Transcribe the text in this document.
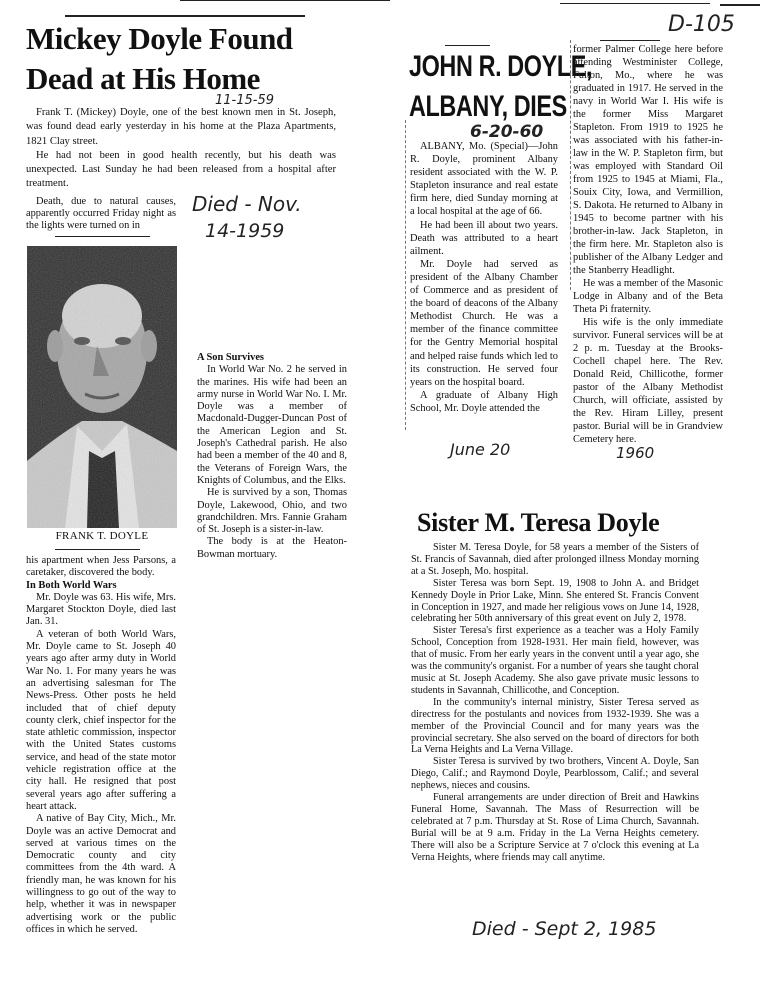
D-105
Mickey Doyle Found
Dead at His Home
11-15-59

Frank T. (Mickey) Doyle, one of the best known men in St. Joseph, was found dead early yesterday in his home at the Plaza Apartments, 1821 Clay street.

He had not been in good health recently, but his death was unexpected. Last Sunday he had been released from a hospital after treatment.

Death, due to natural causes, apparently occurred Friday night as the lights were turned on in

Died - Nov.
14-1959
FRANK T. DOYLE

his apartment when Jess Parsons, a caretaker, discovered the body.

In Both World Wars

Mr. Doyle was 63. His wife, Mrs. Margaret Stockton Doyle, died last Jan. 31.

A veteran of both World Wars, Mr. Doyle came to St. Joseph 40 years ago after army duty in World War No. 1. For many years he was an advertising salesman for The News-Press. Other posts he held included that of chief deputy county clerk, chief inspector for the state athletic commission, inspector with the United States customs service, and head of the state motor vehicle registration office at the city hall. He resigned that post several years ago after suffering a heart attack.

A native of Bay City, Mich., Mr. Doyle was an active Democrat and served at various times on the Democratic county and city committees from the 4th ward. A friendly man, he was known for his willingness to go out of the way to help, whether it was in newspaper advertising work or the public offices in which he served.

A Son Survives

In World War No. 2 he served in the marines. His wife had been an army nurse in World War No. I. Mr. Doyle was a member of Macdonald-Dugger-Duncan Post of the American Legion and St. Joseph's Cathedral parish. He also had been a member of the 40 and 8, the Veterans of Foreign Wars, the Knights of Columbus, and the Elks.

He is survived by a son, Thomas Doyle, Lakewood, Ohio, and two grandchildren. Mrs. Fannie Graham of St. Joseph is a sister-in-law.

The body is at the Heaton-Bowman mortuary.

JOHN R. DOYLE,
ALBANY, DIES
6-20-60

ALBANY, Mo. (Special)—John R. Doyle, prominent Albany resident associated with the W. P. Stapleton insurance and real estate firm here, died Sunday morning at a local hospital at the age of 66.

He had been ill about two years. Death was attributed to a heart ailment.

Mr. Doyle had served as president of the Albany Chamber of Commerce and as president of the board of deacons of the Albany Methodist Church. He was a member of the finance committee for the Gentry Memorial hospital and helped raise funds which led to its construction. He served four years on the hospital board.

A graduate of Albany High School, Mr. Doyle attended the

June 20

former Palmer College here before attending Westminister College, Fulton, Mo., where he was graduated in 1917. He served in the navy in World War I. His wife is the former Miss Margaret Stapleton. From 1919 to 1925 he was associated with his father-in-law in the W. P. Stapleton firm, but was employed with Standard Oil from 1925 to 1945 at Miami, Fla., Souix City, Iowa, and Vermillion, S. Dakota. He returned to Albany in 1945 to become partner with his brother-in-law. Jack Stapleton, in the firm here. Mr. Stapleton also is publisher of the Albany Ledger and the Stanberry Headlight.

He was a member of the Masonic Lodge in Albany and of the Beta Theta Pi fraternity.

His wife is the only immediate survivor. Funeral services will be at 2 p. m. Tuesday at the Brooks-Cochell chapel here. The Rev. Donald Reid, Chillicothe, former pastor of the Albany Methodist Church, will officiate, assisted by the Rev. Hiram Lilley, present pastor. Burial will be in Grandview Cemetery here.

1960
Sister M. Teresa Doyle

Sister M. Teresa Doyle, for 58 years a member of the Sisters of St. Francis of Savannah, died after prolonged illness Monday morning at a St. Joseph, Mo. hospital.

Sister Teresa was born Sept. 19, 1908 to John A. and Bridget Kennedy Doyle in Prior Lake, Minn. She entered St. Francis Convent in Conception in 1927, and made her religious vows on June 14, 1928, celebrating her 50th anniversary of this great event on July 2, 1978.

Sister Teresa's first experience as a teacher was a Holy Family School, Conception from 1928-1931. Her main field, however, was that of music. From her early years in the convent until a year ago, she was the community's organist. For a number of years she taught choral music at St. Joseph Academy. She also gave private music lessons to students in Savannah, Chillicothe, and Conception.

In the community's internal ministry, Sister Teresa served as directress for the postulants and novices from 1932-1939. She was a member of the Provincial Council and for many years was the provincial secretary. She also served on the board of directors for both La Verna Heights and La Verna Village.

Sister Teresa is survived by two brothers, Vincent A. Doyle, San Diego, Calif.; and Raymond Doyle, Pearblossom, Calif.; and several nephews, nieces and cousins.

Funeral arrangements are under direction of Breit and Hawkins Funeral Home, Savannah. The Mass of Resurrection will be celebrated at 7 p.m. Thursday at St. Rose of Lima Church, Savannah. Burial will be at 9 a.m. Friday in the La Verna Heights cemetery. There will also be a Scripture Service at 7 o'clock this evening at La Verna Heights, where friends may call anytime.

Died - Sept 2, 1985
